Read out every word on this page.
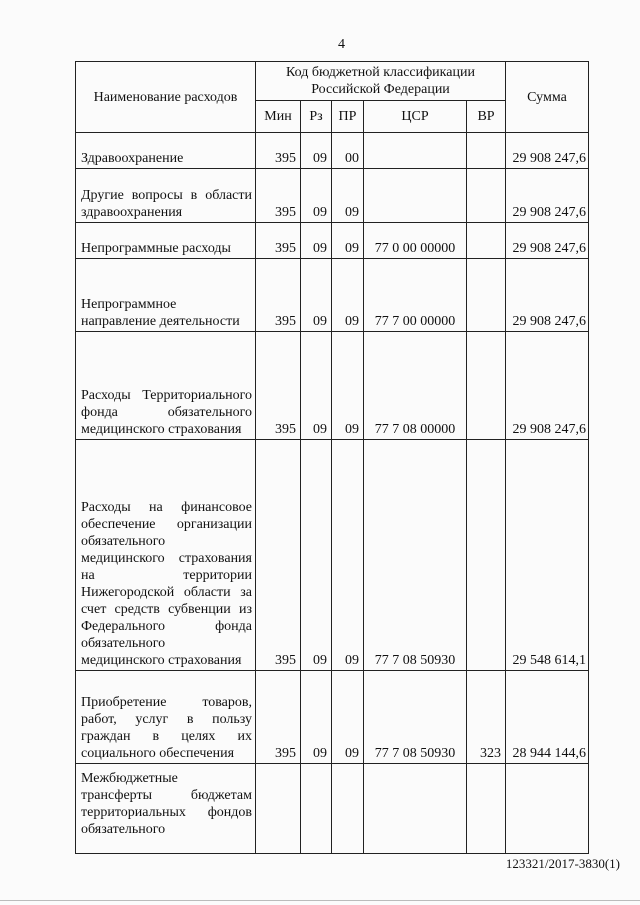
4
Наименование расходов	Код бюджетной классификации Российской Федерации					Сумма
	Мин	Рз	ПР	ЦСР	ВР	
Здравоохранение	395	09	00			29 908 247,6
Другие вопросы в области здравоохранения	395	09	09			29 908 247,6
Непрограммные расходы	395	09	09	77 0 00 00000		29 908 247,6
Непрограммное направление деятельности	395	09	09	77 7 00 00000		29 908 247,6
Расходы Территориального фонда обязательного медицинского страхования	395	09	09	77 7 08 00000		29 908 247,6
Расходы на финансовое обеспечение организации обязательного медицинского страхования на территории Нижегородской области за счет средств субвенции из Федерального фонда обязательного медицинского страхования	395	09	09	77 7 08 50930		29 548 614,1
Приобретение товаров, работ, услуг в пользу граждан в целях их социального обеспечения	395	09	09	77 7 08 50930	323	28 944 144,6
Межбюджетные трансферты бюджетам территориальных фондов обязательного						
123321/2017-3830(1)
